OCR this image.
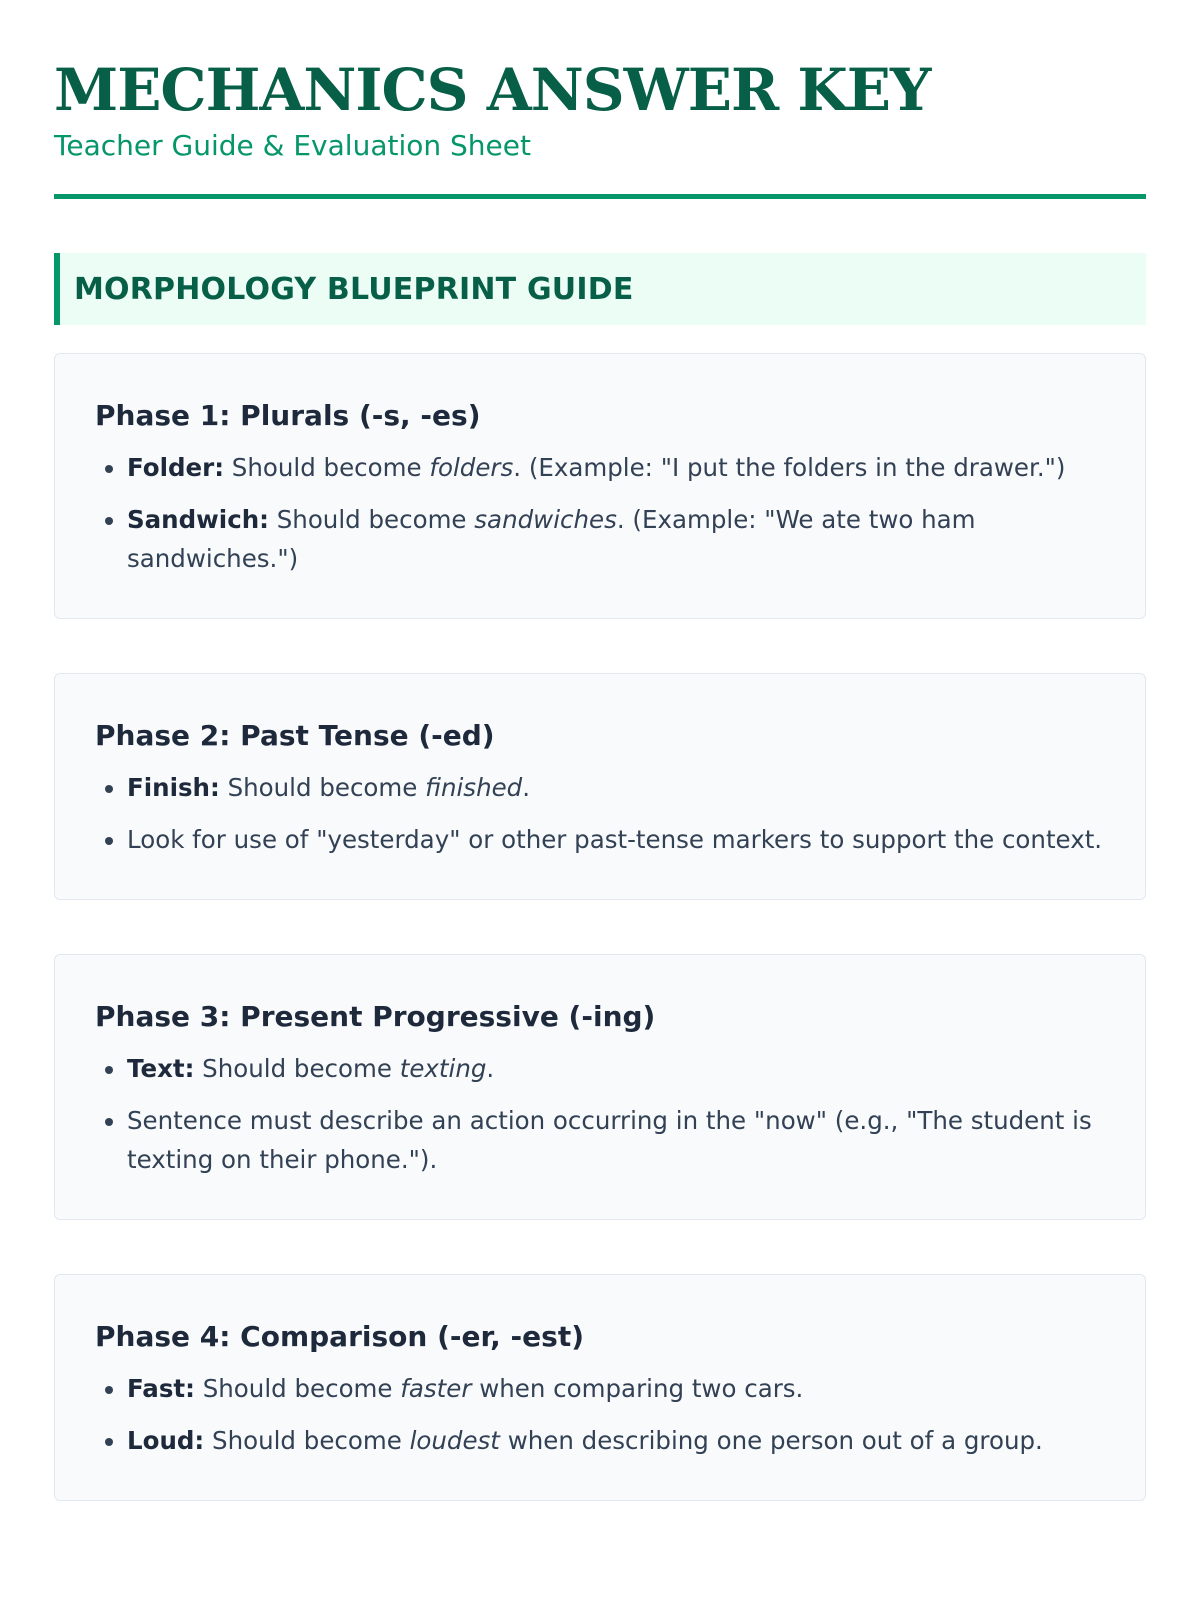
MECHANICS ANSWER KEY

Teacher Guide & Evaluation Sheet

MORPHOLOGY BLUEPRINT GUIDE
Phase 1: Plurals (-s, -es)
• Folder: Should become folders. (Example: "I put the folders in the drawer.")
• Sandwich: Should become sandwiches. (Example: "We ate two ham sandwiches.")
Phase 2: Past Tense (-ed)
• Finish: Should become finished.
• Look for use of "yesterday" or other past-tense markers to support the context.
Phase 3: Present Progressive (-ing)
• Text: Should become texting.
• Sentence must describe an action occurring in the "now" (e.g., "The student is texting on their phone.").
Phase 4: Comparison (-er, -est)
• Fast: Should become faster when comparing two cars.
• Loud: Should become loudest when describing one person out of a group.
